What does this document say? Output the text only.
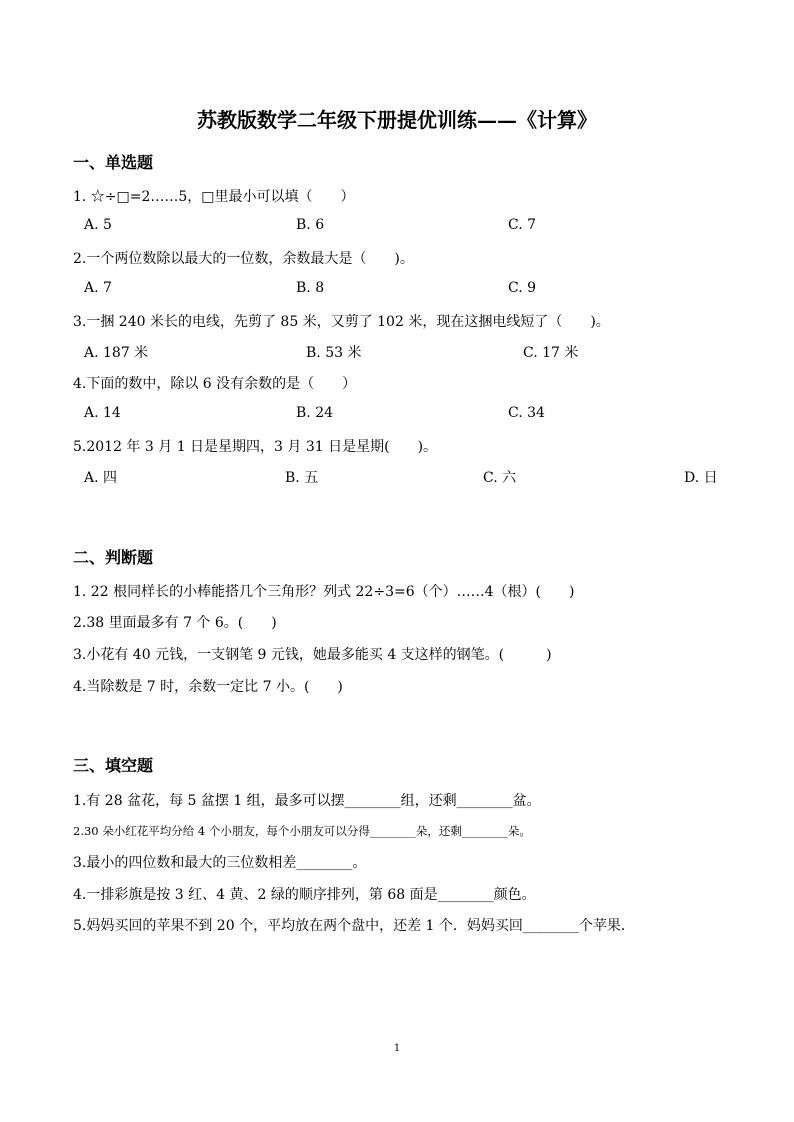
苏教版数学二年级下册提优训练——《计算》
一、单选题
1. ☆÷□=2……5，□里最小可以填（　　）
A. 5	B. 6	C. 7
2.一个两位数除以最大的一位数，余数最大是（　　)。
A. 7	B. 8	C. 9
3.一捆 240 米长的电线，先剪了 85 米，又剪了 102 米，现在这捆电线短了（　　)。
A. 187 米	B. 53 米	C. 17 米
4.下面的数中，除以 6 没有余数的是（　　）
A. 14	B. 24	C. 34
5.2012 年 3 月 1 日是星期四，3 月 31 日是星期(　　)。
A. 四	B. 五	C. 六	D. 日
二、判断题
1. 22 根同样长的小棒能搭几个三角形？列式 22÷3=6（个）……4（根）(　　)
2.38 里面最多有 7 个 6。(　　)
3.小花有 40 元钱，一支钢笔 9 元钱，她最多能买 4 支这样的钢笔。(　　　)
4.当除数是 7 时，余数一定比 7 小。(　　)
三、填空题
1.有 28 盆花，每 5 盆摆 1 组，最多可以摆________组，还剩________盆。
2.30 朵小红花平均分给 4 个小朋友，每个小朋友可以分得________朵，还剩________朵。
3.最小的四位数和最大的三位数相差________。
4.一排彩旗是按 3 红、4 黄、2 绿的顺序排列，第 68 面是________颜色。
5.妈妈买回的苹果不到 20 个，平均放在两个盘中，还差 1 个．妈妈买回________个苹果．
1
